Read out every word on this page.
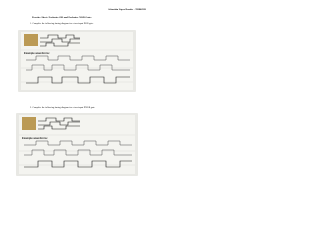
Sebastián López Rosales - 709806593
Practice Sheet: Exclusive OR and Exclusive NOR Gates
1. Complete the following timing diagram for a two-input XOR gate.
Example waveforms:
2. Complete the following timing diagram for a two-input XNOR gate.
Example waveforms:
